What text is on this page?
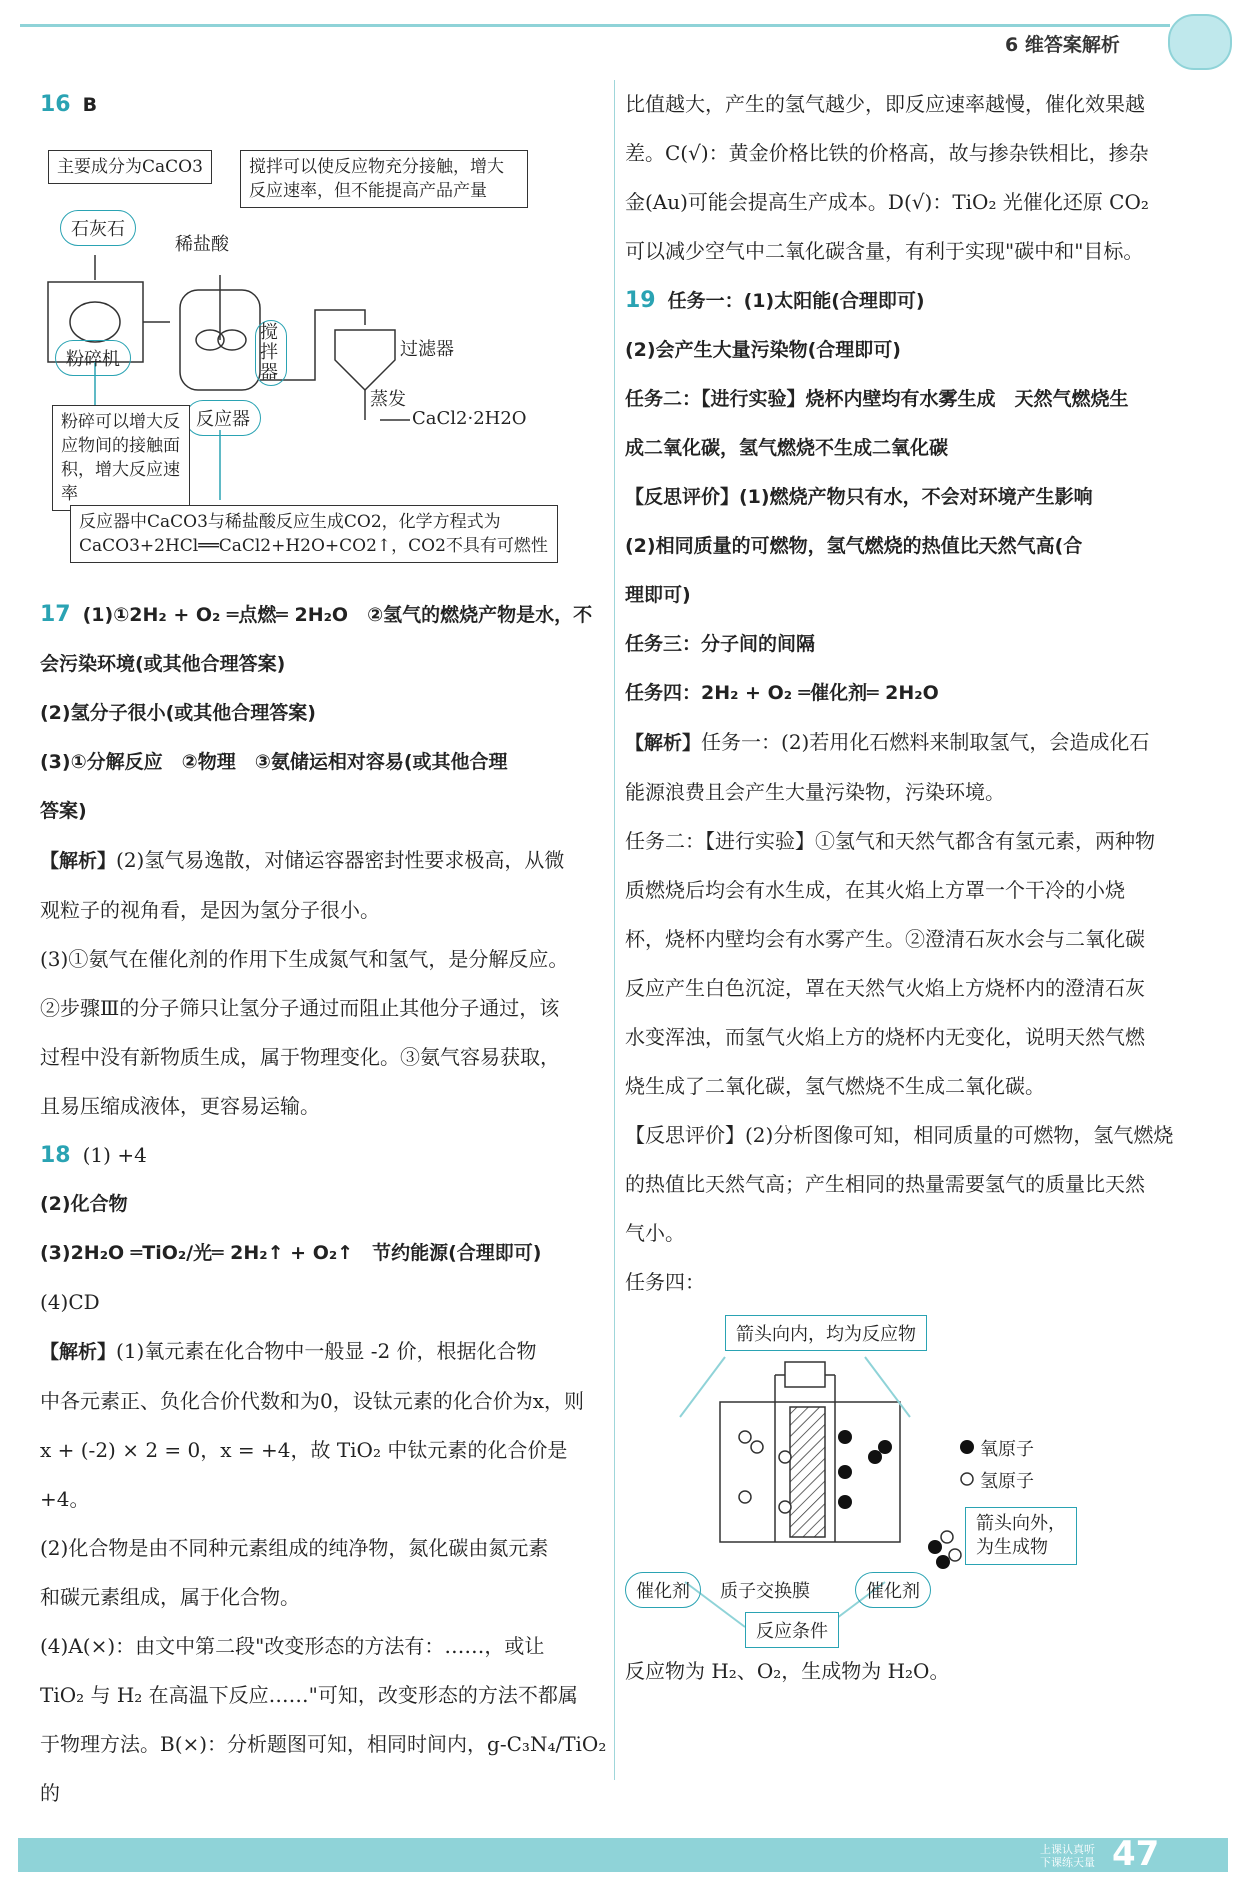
6 维答案解析

16 B

主要成分为CaCO3	搅拌可以使反应物充分接触，增大反应速率，但不能提高产品产量
石灰石
稀盐酸
搅拌器
过滤器
蒸发
CaCl2·2H2O
粉碎机
反应器
粉碎可以增大反应物间的接触面积，增大反应速率
反应器中CaCO3与稀盐酸反应生成CO2，化学方程式为CaCO3+2HCl══CaCl2+H2O+CO2↑，CO2不具有可燃性

17 (1)①2H₂ + O₂ ═点燃═ 2H₂O　②氢气的燃烧产物是水，不

会污染环境(或其他合理答案)

(2)氢分子很小(或其他合理答案)

(3)①分解反应　②物理　③氨储运相对容易(或其他合理

答案)

【解析】(2)氢气易逸散，对储运容器密封性要求极高，从微

观粒子的视角看，是因为氢分子很小。

(3)①氨气在催化剂的作用下生成氮气和氢气，是分解反应。

②步骤Ⅲ的分子筛只让氢分子通过而阻止其他分子通过，该

过程中没有新物质生成，属于物理变化。③氨气容易获取，

且易压缩成液体，更容易运输。

18 (1) +4

(2)化合物

(3)2H₂O ═TiO₂/光═ 2H₂↑ + O₂↑　节约能源(合理即可)

(4)CD

【解析】(1)氧元素在化合物中一般显 -2 价，根据化合物

中各元素正、负化合价代数和为0，设钛元素的化合价为x，则

x + (-2) × 2 = 0，x = +4，故 TiO₂ 中钛元素的化合价是 +4。

(2)化合物是由不同种元素组成的纯净物，氮化碳由氮元素

和碳元素组成，属于化合物。

(4)A(×)：由文中第二段"改变形态的方法有：……，或让

TiO₂ 与 H₂ 在高温下反应……"可知，改变形态的方法不都属

于物理方法。B(×)：分析题图可知，相同时间内，g-C₃N₄/TiO₂ 的

比值越大，产生的氢气越少，即反应速率越慢，催化效果越

差。C(√)：黄金价格比铁的价格高，故与掺杂铁相比，掺杂

金(Au)可能会提高生产成本。D(√)：TiO₂ 光催化还原 CO₂

可以减少空气中二氧化碳含量，有利于实现"碳中和"目标。

19 任务一：(1)太阳能(合理即可)

(2)会产生大量污染物(合理即可)

任务二：【进行实验】烧杯内壁均有水雾生成　天然气燃烧生

成二氧化碳，氢气燃烧不生成二氧化碳

【反思评价】(1)燃烧产物只有水，不会对环境产生影响

(2)相同质量的可燃物，氢气燃烧的热值比天然气高(合

理即可)

任务三：分子间的间隔

任务四：2H₂ + O₂ ═催化剂═ 2H₂O

【解析】任务一：(2)若用化石燃料来制取氢气，会造成化石

能源浪费且会产生大量污染物，污染环境。

任务二：【进行实验】①氢气和天然气都含有氢元素，两种物

质燃烧后均会有水生成，在其火焰上方罩一个干冷的小烧

杯，烧杯内壁均会有水雾产生。②澄清石灰水会与二氧化碳

反应产生白色沉淀，罩在天然气火焰上方烧杯内的澄清石灰

水变浑浊，而氢气火焰上方的烧杯内无变化，说明天然气燃

烧生成了二氧化碳，氢气燃烧不生成二氧化碳。

【反思评价】(2)分析图像可知，相同质量的可燃物，氢气燃烧

的热值比天然气高；产生相同的热量需要氢气的质量比天然

气小。

任务四：

箭头向内，均为反应物
氧原子
氢原子
箭头向外，为生成物
催化剂	质子交换膜	催化剂
反应条件

反应物为 H₂、O₂，生成物为 H₂O。

上课认真听
下课练天量 47
